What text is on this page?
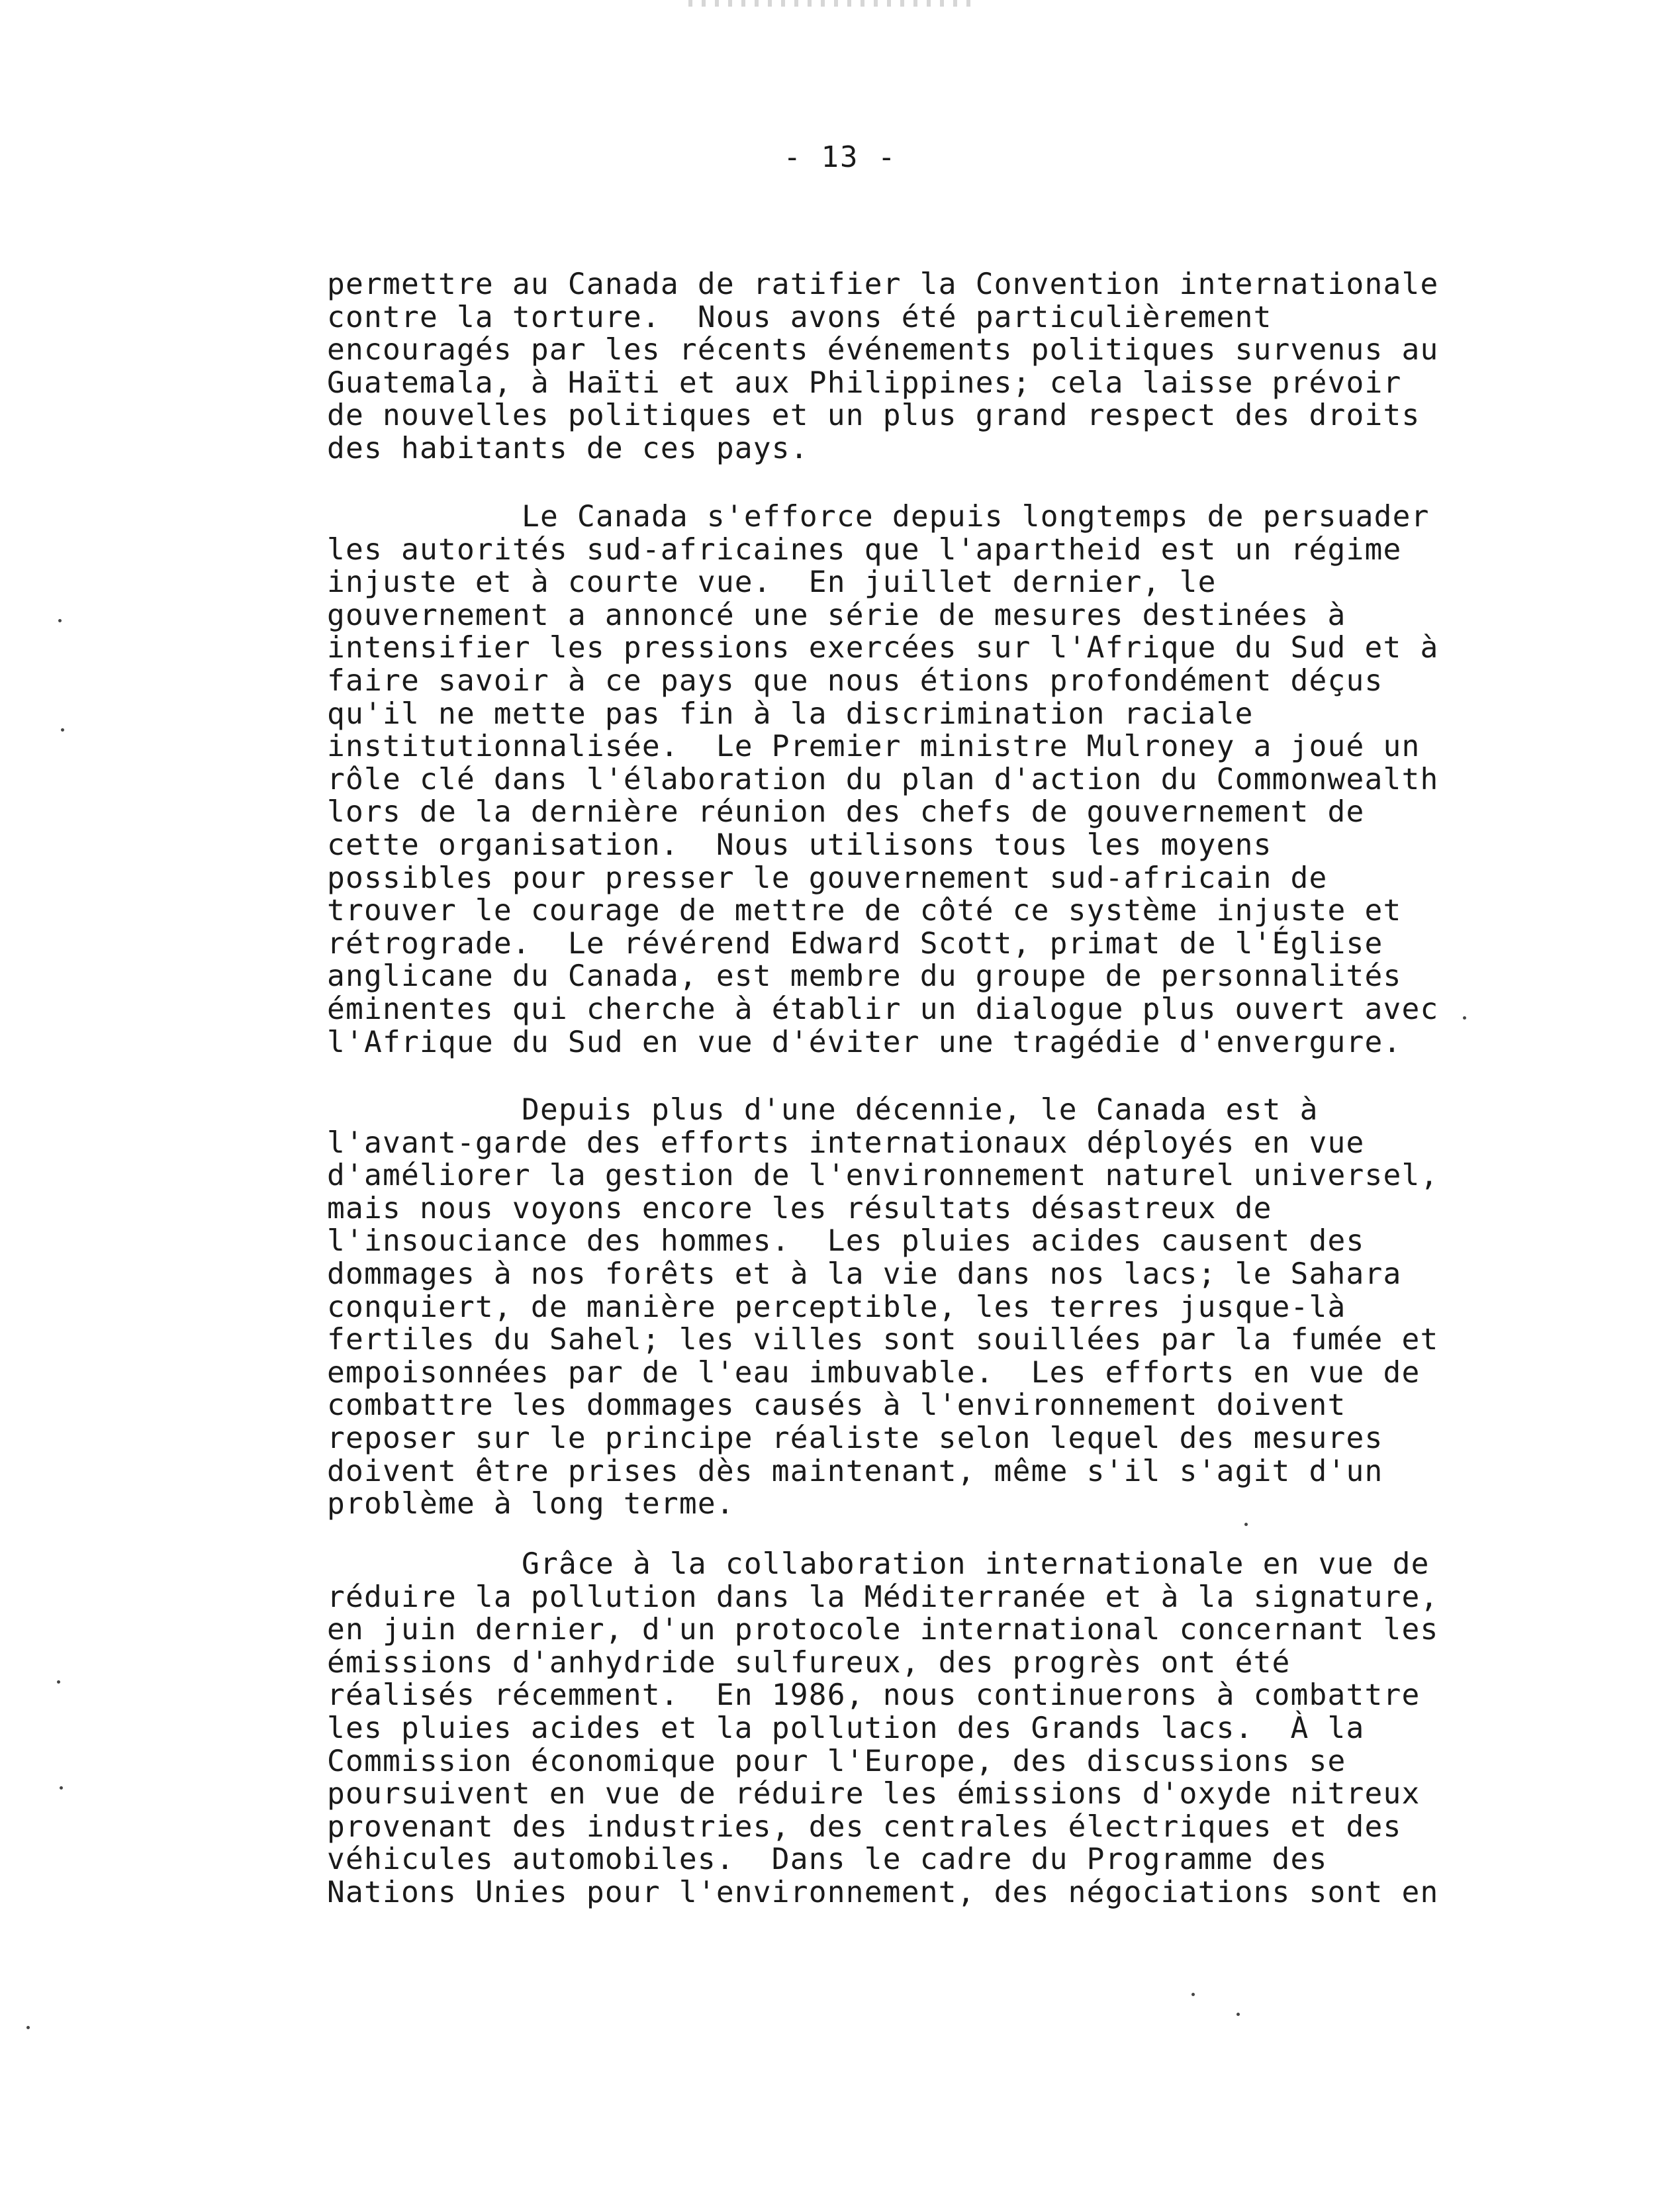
- 13 -
permettre au Canada de ratifier la Convention internationale
contre la torture.  Nous avons été particulièrement
encouragés par les récents événements politiques survenus au
Guatemala, à Haïti et aux Philippines; cela laisse prévoir
de nouvelles politiques et un plus grand respect des droits
des habitants de ces pays.
Le Canada s'efforce depuis longtemps de persuader
les autorités sud-africaines que l'apartheid est un régime
injuste et à courte vue.  En juillet dernier, le
gouvernement a annoncé une série de mesures destinées à
intensifier les pressions exercées sur l'Afrique du Sud et à
faire savoir à ce pays que nous étions profondément déçus
qu'il ne mette pas fin à la discrimination raciale
institutionnalisée.  Le Premier ministre Mulroney a joué un
rôle clé dans l'élaboration du plan d'action du Commonwealth
lors de la dernière réunion des chefs de gouvernement de
cette organisation.  Nous utilisons tous les moyens
possibles pour presser le gouvernement sud-africain de
trouver le courage de mettre de côté ce système injuste et
rétrograde.  Le révérend Edward Scott, primat de l'Église
anglicane du Canada, est membre du groupe de personnalités
éminentes qui cherche à établir un dialogue plus ouvert avec
l'Afrique du Sud en vue d'éviter une tragédie d'envergure.
Depuis plus d'une décennie, le Canada est à
l'avant-garde des efforts internationaux déployés en vue
d'améliorer la gestion de l'environnement naturel universel,
mais nous voyons encore les résultats désastreux de
l'insouciance des hommes.  Les pluies acides causent des
dommages à nos forêts et à la vie dans nos lacs; le Sahara
conquiert, de manière perceptible, les terres jusque-là
fertiles du Sahel; les villes sont souillées par la fumée et
empoisonnées par de l'eau imbuvable.  Les efforts en vue de
combattre les dommages causés à l'environnement doivent
reposer sur le principe réaliste selon lequel des mesures
doivent être prises dès maintenant, même s'il s'agit d'un
problème à long terme.
Grâce à la collaboration internationale en vue de
réduire la pollution dans la Méditerranée et à la signature,
en juin dernier, d'un protocole international concernant les
émissions d'anhydride sulfureux, des progrès ont été
réalisés récemment.  En 1986, nous continuerons à combattre
les pluies acides et la pollution des Grands lacs.  À la
Commission économique pour l'Europe, des discussions se
poursuivent en vue de réduire les émissions d'oxyde nitreux
provenant des industries, des centrales électriques et des
véhicules automobiles.  Dans le cadre du Programme des
Nations Unies pour l'environnement, des négociations sont en
